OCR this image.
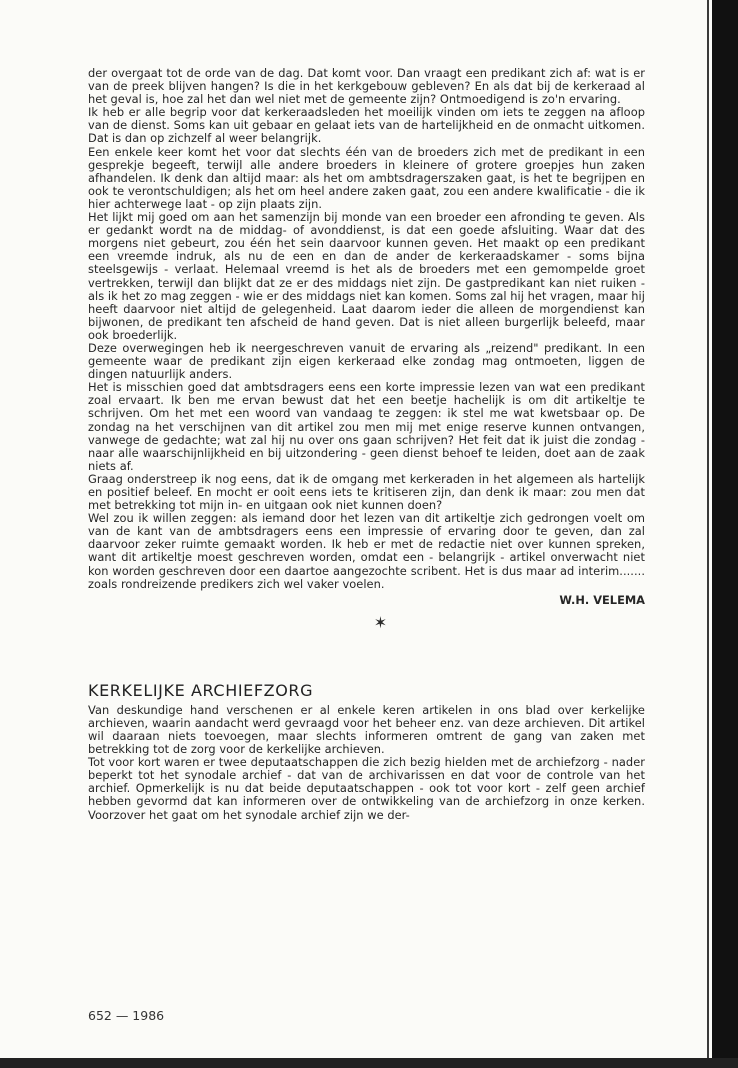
der overgaat tot de orde van de dag. Dat komt voor. Dan vraagt een predikant zich af: wat is er van de preek blijven hangen? Is die in het kerkgebouw gebleven? En als dat bij de kerkeraad al het geval is, hoe zal het dan wel niet met de gemeente zijn? Ontmoedigend is zo'n ervaring.

Ik heb er alle begrip voor dat kerkeraadsleden het moeilijk vinden om iets te zeggen na afloop van de dienst. Soms kan uit gebaar en gelaat iets van de hartelijkheid en de onmacht uitkomen. Dat is dan op zichzelf al weer belangrijk.

Een enkele keer komt het voor dat slechts één van de broeders zich met de predikant in een gesprekje begeeft, terwijl alle andere broeders in kleinere of grotere groepjes hun zaken afhandelen. Ik denk dan altijd maar: als het om ambtsdragerszaken gaat, is het te begrijpen en ook te verontschuldigen; als het om heel andere zaken gaat, zou een andere kwalificatie - die ik hier achterwege laat - op zijn plaats zijn.

Het lijkt mij goed om aan het samenzijn bij monde van een broeder een afronding te geven. Als er gedankt wordt na de middag- of avonddienst, is dat een goede afsluiting. Waar dat des morgens niet gebeurt, zou één het sein daarvoor kunnen geven. Het maakt op een predikant een vreemde indruk, als nu de een en dan de ander de kerkeraadskamer - soms bijna steelsgewijs - verlaat. Helemaal vreemd is het als de broeders met een gemompelde groet vertrekken, terwijl dan blijkt dat ze er des middags niet zijn. De gastpredikant kan niet ruiken - als ik het zo mag zeggen - wie er des middags niet kan komen. Soms zal hij het vragen, maar hij heeft daarvoor niet altijd de gelegenheid. Laat daarom ieder die alleen de morgendienst kan bijwonen, de predikant ten afscheid de hand geven. Dat is niet alleen burgerlijk beleefd, maar ook broederlijk.

Deze overwegingen heb ik neergeschreven vanuit de ervaring als „reizend" predikant. In een gemeente waar de predikant zijn eigen kerkeraad elke zondag mag ontmoeten, liggen de dingen natuurlijk anders.

Het is misschien goed dat ambtsdragers eens een korte impressie lezen van wat een predikant zoal ervaart. Ik ben me ervan bewust dat het een beetje hachelijk is om dit artikeltje te schrijven. Om het met een woord van vandaag te zeggen: ik stel me wat kwetsbaar op. De zondag na het verschijnen van dit artikel zou men mij met enige reserve kunnen ontvangen, vanwege de gedachte; wat zal hij nu over ons gaan schrijven? Het feit dat ik juist die zondag - naar alle waarschijnlijkheid en bij uitzondering - geen dienst behoef te leiden, doet aan de zaak niets af.

Graag onderstreep ik nog eens, dat ik de omgang met kerkeraden in het algemeen als hartelijk en positief beleef. En mocht er ooit eens iets te kritiseren zijn, dan denk ik maar: zou men dat met betrekking tot mijn in- en uitgaan ook niet kunnen doen?

Wel zou ik willen zeggen: als iemand door het lezen van dit artikeltje zich gedrongen voelt om van de kant van de ambtsdragers eens een impressie of ervaring door te geven, dan zal daarvoor zeker ruimte gemaakt worden. Ik heb er met de redactie niet over kunnen spreken, want dit artikeltje moest geschreven worden, omdat een - belangrijk - artikel onverwacht niet kon worden geschreven door een daartoe aangezochte scribent. Het is dus maar ad interim....... zoals rondreizende predikers zich wel vaker voelen.

W.H. VELEMA

✶
KERKELIJKE ARCHIEFZORG

Van deskundige hand verschenen er al enkele keren artikelen in ons blad over kerkelijke archieven, waarin aandacht werd gevraagd voor het beheer enz. van deze archieven. Dit artikel wil daaraan niets toevoegen, maar slechts informeren omtrent de gang van zaken met betrekking tot de zorg voor de kerkelijke archieven.

Tot voor kort waren er twee deputaatschappen die zich bezig hielden met de archiefzorg - nader beperkt tot het synodale archief - dat van de archivarissen en dat voor de controle van het archief. Opmerkelijk is nu dat beide deputaatschappen - ook tot voor kort - zelf geen archief hebben gevormd dat kan informeren over de ontwikkeling van de archiefzorg in onze kerken. Voorzover het gaat om het synodale archief zijn we der-

652 — 1986
